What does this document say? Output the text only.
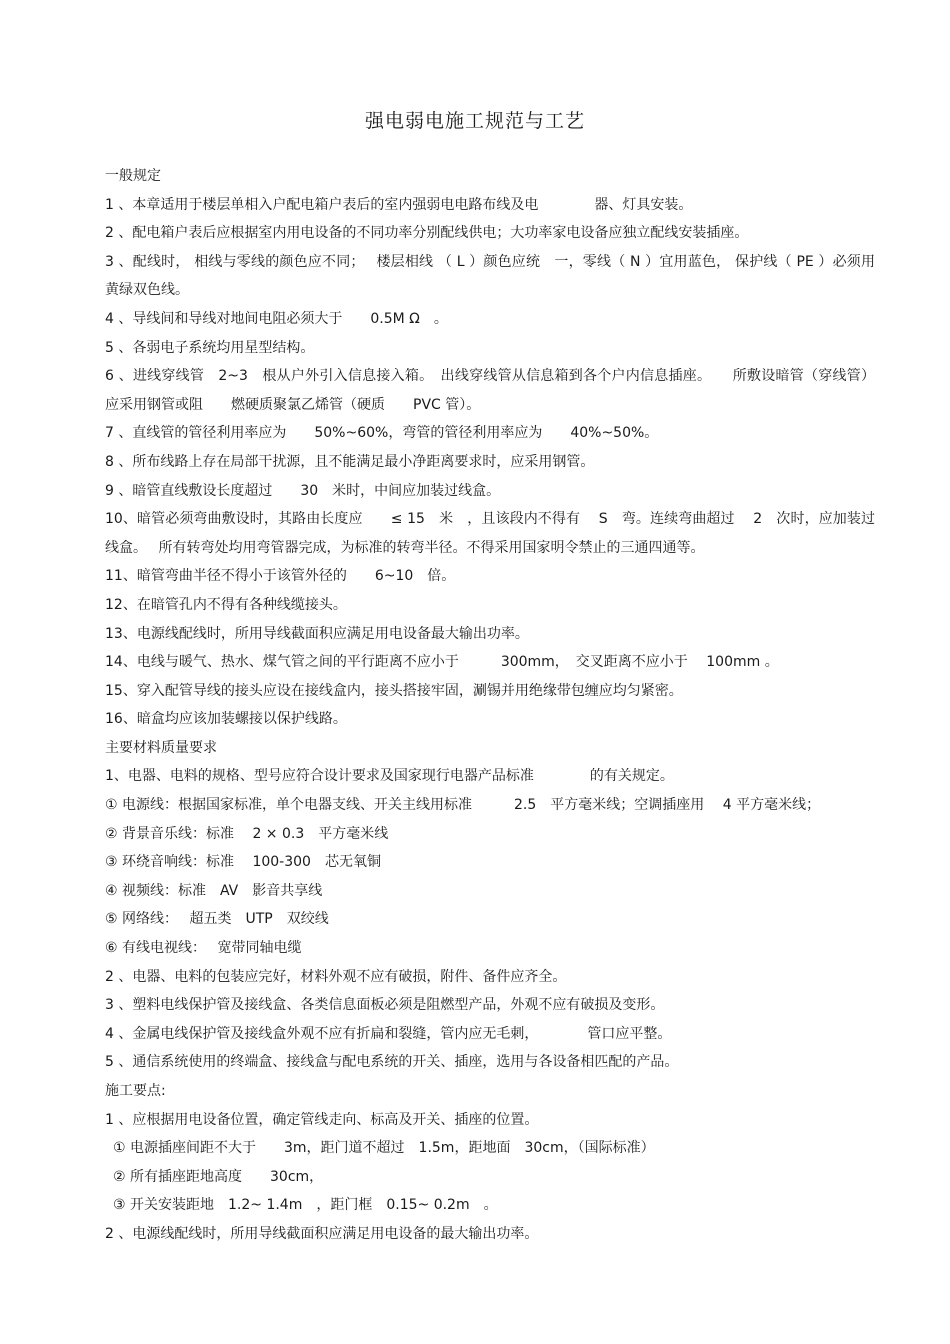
强电弱电施工规范与工艺
一般规定
1 、本章适用于楼层单相入户配电箱户表后的室内强弱电电路布线及电　　　　器、灯具安装。
2 、配电箱户表后应根据室内用电设备的不同功率分别配线供电；大功率家电设备应独立配线安装插座。
3 、配线时， 相线与零线的颜色应不同；　 楼层相线 （ L ）颜色应统　一，零线（ N ）宜用蓝色， 保护线（ PE ）必须用黄绿双色线。
4 、导线间和导线对地间电阻必须大于　　0.5M Ω　。
5 、各弱电子系统均用星型结构。
6 、进线穿线管　2~3　根从户外引入信息接入箱。　出线穿线管从信息箱到各个户内信息插座。　　所敷设暗管（穿线管）应采用钢管或阻　　燃硬质聚氯乙烯管（硬质　　PVC 管）。
7 、直线管的管径利用率应为　　50%~60%，弯管的管径利用率应为　　40%~50%。
8 、所布线路上存在局部干扰源，且不能满足最小净距离要求时，应采用钢管。
9 、暗管直线敷设长度超过　　30　米时，中间应加装过线盒。
10、暗管必须弯曲敷设时，其路由长度应　　≤ 15　米　，且该段内不得有　 S　弯。连续弯曲超过　 2　次时，应加装过线盒。　 所有转弯处均用弯管器完成，为标准的转弯半径。不得采用国家明令禁止的三通四通等。
11、暗管弯曲半径不得小于该管外径的　　6~10　倍。
12、在暗管孔内不得有各种线缆接头。
13、电源线配线时，所用导线截面积应满足用电设备最大输出功率。
14、电线与暖气、热水、煤气管之间的平行距离不应小于　　　300mm，　交叉距离不应小于　 100mm 。
15、穿入配管导线的接头应设在接线盒内，接头搭接牢固，涮锡并用绝缘带包缠应均匀紧密。
16、暗盒均应该加装螺接以保护线路。
主要材料质量要求
1、电器、电料的规格、型号应符合设计要求及国家现行电器产品标准　　　　的有关规定。
① 电源线：根据国家标准，单个电器支线、开关主线用标准　　　2.5　平方毫米线；空调插座用　 4 平方毫米线；
② 背景音乐线：标准　 2 × 0.3　平方毫米线
③ 环绕音响线：标准　 100-300　芯无氧铜
④ 视频线：标准　AV　影音共享线
⑤ 网络线：　 超五类　UTP　双绞线
⑥ 有线电视线：　 宽带同轴电缆
2 、电器、电料的包装应完好，材料外观不应有破损，附件、备件应齐全。
3 、塑料电线保护管及接线盒、各类信息面板必须是阻燃型产品，外观不应有破损及变形。
4 、金属电线保护管及接线盒外观不应有折扁和裂缝，管内应无毛刺，　　　　管口应平整。
5 、通信系统使用的终端盒、接线盒与配电系统的开关、插座，选用与各设备相匹配的产品。
施工要点:
1 、应根据用电设备位置，确定管线走向、标高及开关、插座的位置。
① 电源插座间距不大于　　3m，距门道不超过　1.5m，距地面　30cm，（国际标准）
② 所有插座距地高度　　30cm，
③ 开关安装距地　1.2~ 1.4m　，距门框　0.15~ 0.2m　。
2 、电源线配线时，所用导线截面积应满足用电设备的最大输出功率。
